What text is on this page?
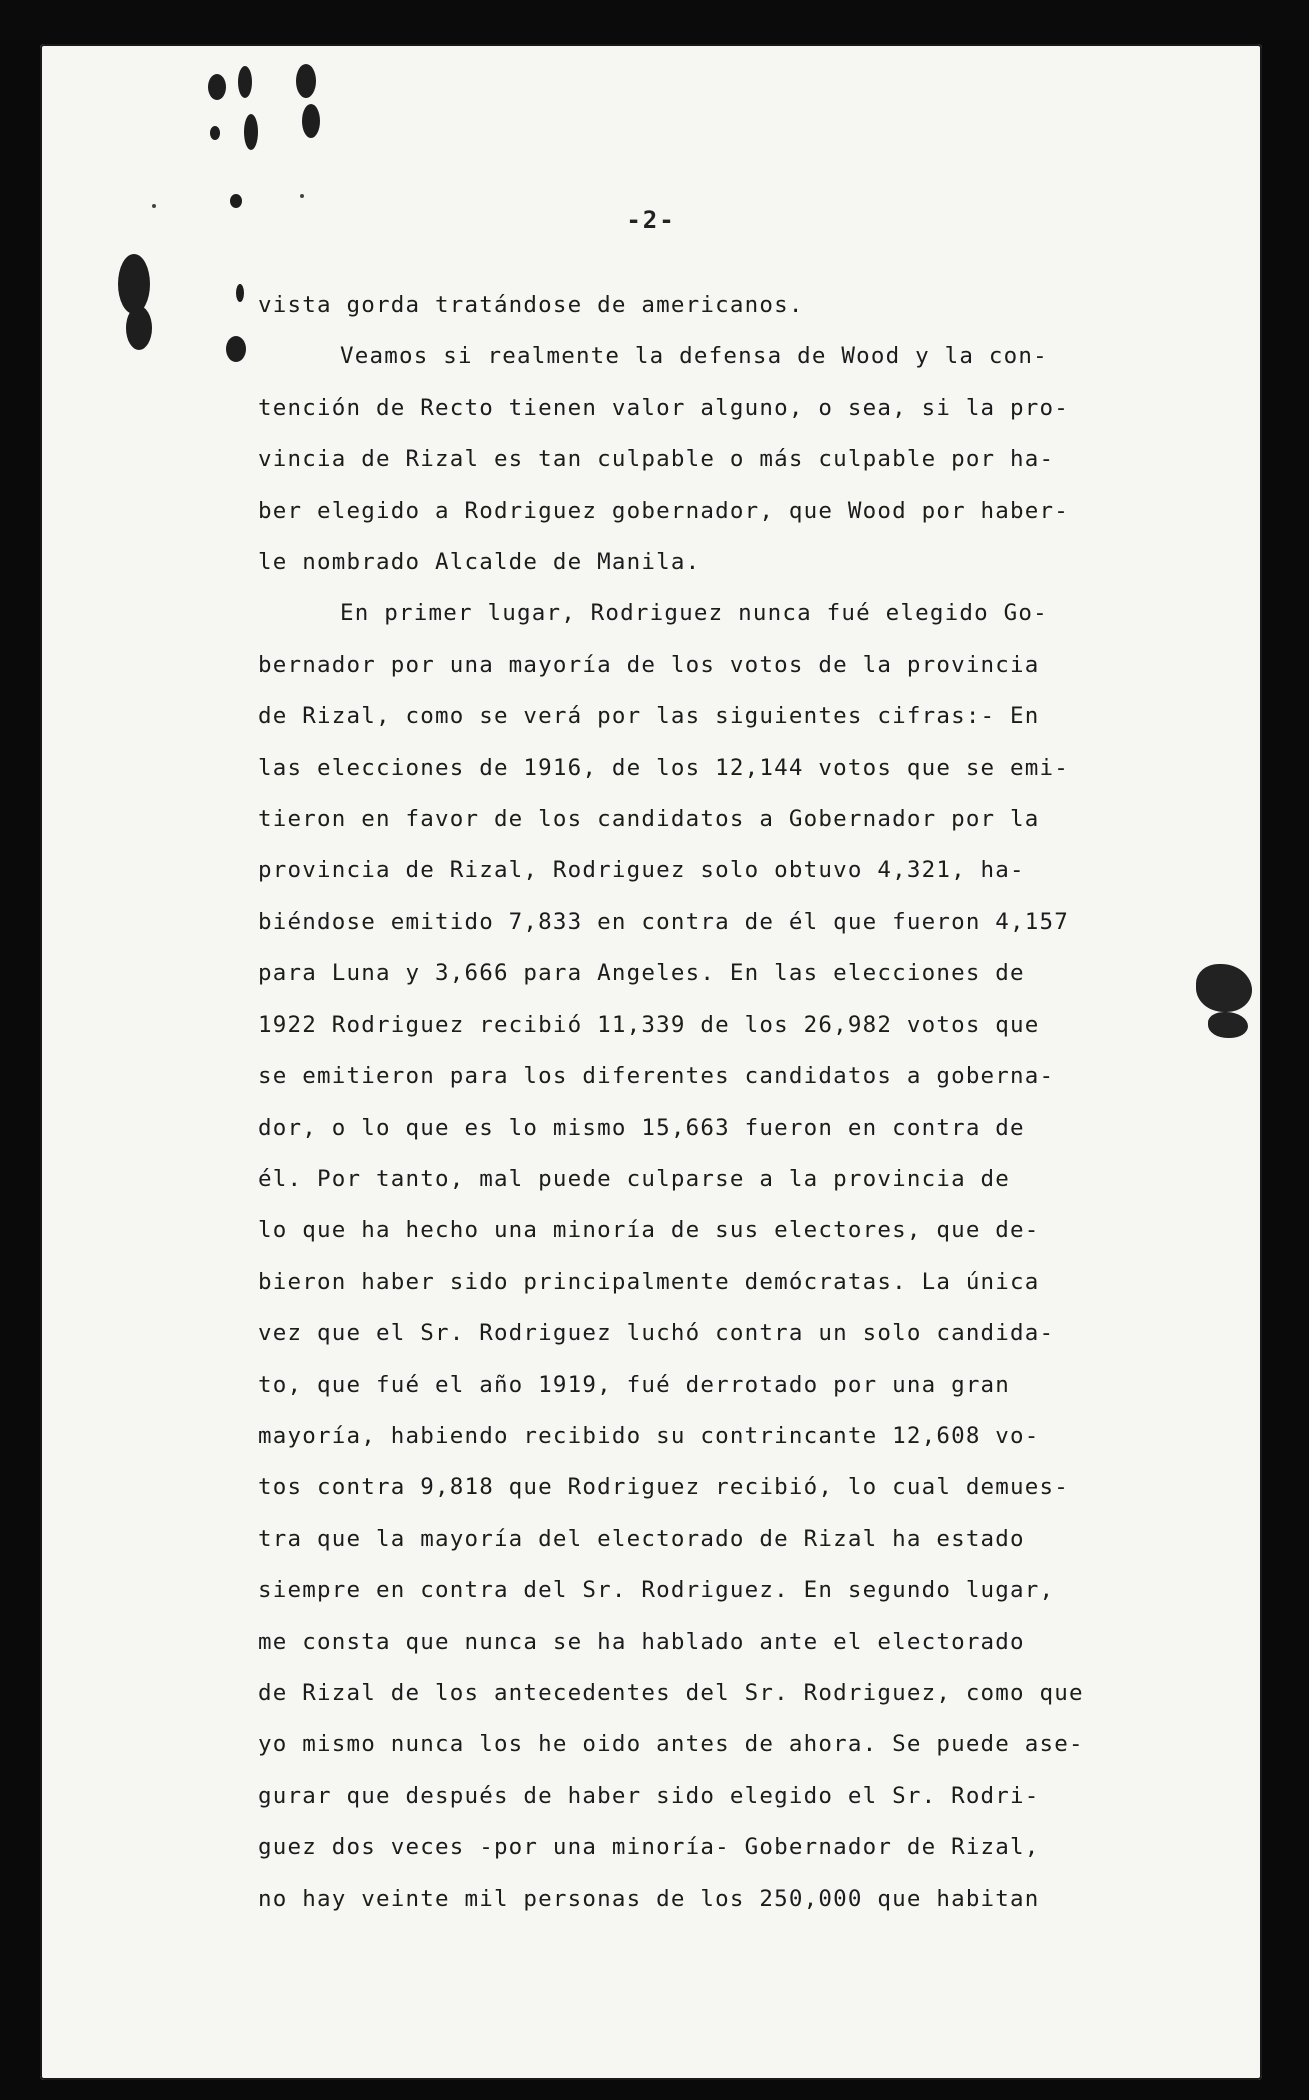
-2-
vista gorda tratándose de americanos.
Veamos si realmente la defensa de Wood y la con-
tención de Recto tienen valor alguno, o sea, si la pro-
vincia de Rizal es tan culpable o más culpable por ha-
ber elegido a Rodriguez gobernador, que Wood por haber-
le nombrado Alcalde de Manila.
En primer lugar, Rodriguez nunca fué elegido Go-
bernador por una mayoría de los votos de la provincia
de Rizal, como se verá por las siguientes cifras:- En
las elecciones de 1916, de los 12,144 votos que se emi-
tieron en favor de los candidatos a Gobernador por la
provincia de Rizal, Rodriguez solo obtuvo 4,321, ha-
biéndose emitido 7,833 en contra de él que fueron 4,157
para Luna y 3,666 para Angeles. En las elecciones de
1922 Rodriguez recibió 11,339 de los 26,982 votos que
se emitieron para los diferentes candidatos a goberna-
dor, o lo que es lo mismo 15,663 fueron en contra de
él. Por tanto, mal puede culparse a la provincia de
lo que ha hecho una minoría de sus electores, que de-
bieron haber sido principalmente demócratas. La única
vez que el Sr. Rodriguez luchó contra un solo candida-
to, que fué el año 1919, fué derrotado por una gran
mayoría, habiendo recibido su contrincante 12,608 vo-
tos contra 9,818 que Rodriguez recibió, lo cual demues-
tra que la mayoría del electorado de Rizal ha estado
siempre en contra del Sr. Rodriguez. En segundo lugar,
me consta que nunca se ha hablado ante el electorado
de Rizal de los antecedentes del Sr. Rodriguez, como que
yo mismo nunca los he oido antes de ahora. Se puede ase-
gurar que después de haber sido elegido el Sr. Rodri-
guez dos veces -por una minoría- Gobernador de Rizal,
no hay veinte mil personas de los 250,000 que habitan
